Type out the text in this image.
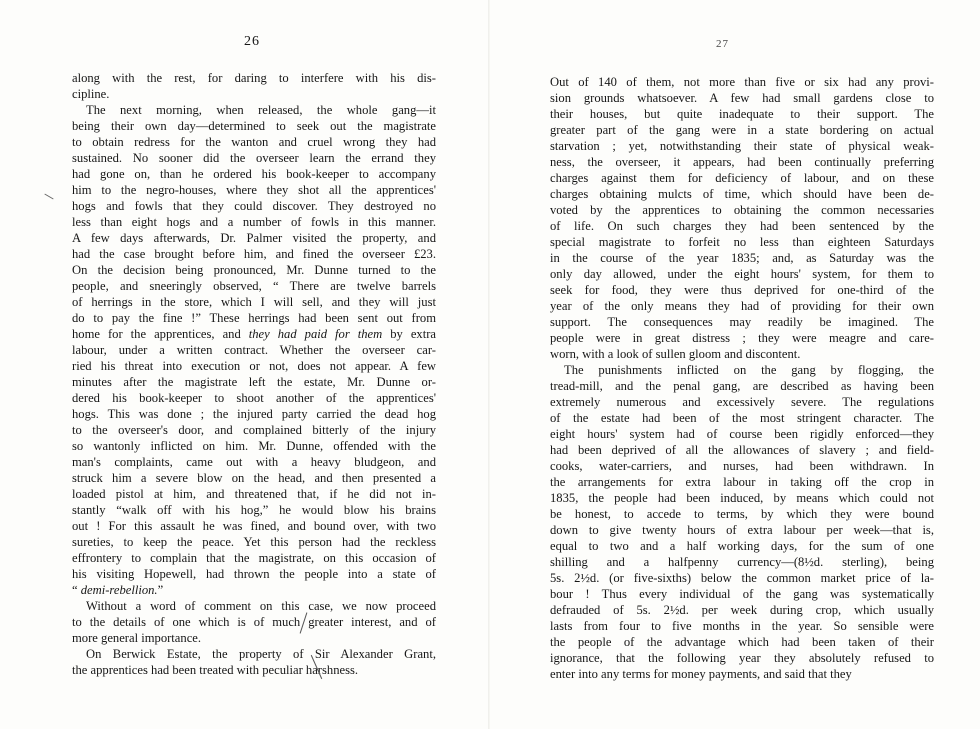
26
along with the rest, for daring to interfere with his dis-
cipline.
The next morning, when released, the whole gang—it
being their own day—determined to seek out the magistrate
to obtain redress for the wanton and cruel wrong they had
sustained. No sooner did the overseer learn the errand they
had gone on, than he ordered his book-keeper to accompany
him to the negro-houses, where they shot all the apprentices'
hogs and fowls that they could discover. They destroyed no
less than eight hogs and a number of fowls in this manner.
A few days afterwards, Dr. Palmer visited the property, and
had the case brought before him, and fined the overseer £23.
On the decision being pronounced, Mr. Dunne turned to the
people, and sneeringly observed, “ There are twelve barrels
of herrings in the store, which I will sell, and they will just
do to pay the fine !” These herrings had been sent out from
home for the apprentices, and they had paid for them by extra
labour, under a written contract. Whether the overseer car-
ried his threat into execution or not, does not appear. A few
minutes after the magistrate left the estate, Mr. Dunne or-
dered his book-keeper to shoot another of the apprentices'
hogs. This was done ; the injured party carried the dead hog
to the overseer's door, and complained bitterly of the injury
so wantonly inflicted on him. Mr. Dunne, offended with the
man's complaints, came out with a heavy bludgeon, and
struck him a severe blow on the head, and then presented a
loaded pistol at him, and threatened that, if he did not in-
stantly “walk off with his hog,” he would blow his brains
out ! For this assault he was fined, and bound over, with two
sureties, to keep the peace. Yet this person had the reckless
effrontery to complain that the magistrate, on this occasion of
his visiting Hopewell, had thrown the people into a state of
“ demi-rebellion.”
Without a word of comment on this case, we now proceed
to the details of one which is of much greater interest, and of
more general importance.
On Berwick Estate, the property of Sir Alexander Grant,
the apprentices had been treated with peculiar harshness.
27
Out of 140 of them, not more than five or six had any provi-
sion grounds whatsoever. A few had small gardens close to
their houses, but quite inadequate to their support. The
greater part of the gang were in a state bordering on actual
starvation ; yet, notwithstanding their state of physical weak-
ness, the overseer, it appears, had been continually preferring
charges against them for deficiency of labour, and on these
charges obtaining mulcts of time, which should have been de-
voted by the apprentices to obtaining the common necessaries
of life. On such charges they had been sentenced by the
special magistrate to forfeit no less than eighteen Saturdays
in the course of the year 1835; and, as Saturday was the
only day allowed, under the eight hours' system, for them to
seek for food, they were thus deprived for one-third of the
year of the only means they had of providing for their own
support. The consequences may readily be imagined. The
people were in great distress ; they were meagre and care-
worn, with a look of sullen gloom and discontent.
The punishments inflicted on the gang by flogging, the
tread-mill, and the penal gang, are described as having been
extremely numerous and excessively severe. The regulations
of the estate had been of the most stringent character. The
eight hours' system had of course been rigidly enforced—they
had been deprived of all the allowances of slavery ; and field-
cooks, water-carriers, and nurses, had been withdrawn. In
the arrangements for extra labour in taking off the crop in
1835, the people had been induced, by means which could not
be honest, to accede to terms, by which they were bound
down to give twenty hours of extra labour per week—that is,
equal to two and a half working days, for the sum of one
shilling and a halfpenny currency—(8½d. sterling), being
5s. 2½d. (or five-sixths) below the common market price of la-
bour ! Thus every individual of the gang was systematically
defrauded of 5s. 2½d. per week during crop, which usually
lasts from four to five months in the year. So sensible were
the people of the advantage which had been taken of their
ignorance, that the following year they absolutely refused to
enter into any terms for money payments, and said that they
